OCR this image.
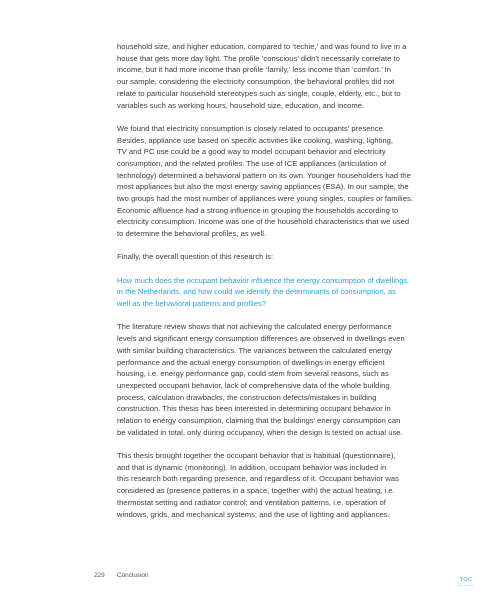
household size, and higher education, compared to ‘techie,’ and was found to live in a
house that gets more day light. The profile ‘conscious’ didn’t necessarily correlate to
income, but it had more income than profile ‘family,’ less income than ‘comfort.’ In
our sample, considering the electricity consumption, the behavioral profiles did not
relate to particular household stereotypes such as single, couple, elderly, etc., but to
variables such as working hours, household size, education, and income.

We found that electricity consumption is closely related to occupants’ presence.
Besides, appliance use based on specific activities like cooking, washing, lighting,
TV and PC use could be a good way to model occupant behavior and electricity
consumption, and the related profiles. The use of ICE appliances (articulation of
technology) determined a behavioral pattern on its own. Younger householders had the
most appliances but also the most energy saving appliances (ESA). In our sample, the
two groups had the most number of appliances were young singles, couples or families.
Economic affluence had a strong influence in grouping the households according to
electricity consumption. Income was one of the household characteristics that we used
to determine the behavioral profiles, as well.

Finally, the overall question of this research is:

How much does the occupant behavior influence the energy consumption of dwellings
in the Netherlands, and how could we identify the determinants of consumption, as
well as the behavioral patterns and profiles?

The literature review shows that not achieving the calculated energy performance
levels and significant energy consumption differences are observed in dwellings even
with similar building characteristics. The variances between the calculated energy
performance and the actual energy consumption of dwellings in energy efficient
housing, i.e. energy performance gap, could stem from several reasons, such as
unexpected occupant behavior, lack of comprehensive data of the whole building
process, calculation drawbacks, the construction defects/mistakes in building
construction. This thesis has been interested in determining occupant behavior in
relation to energy consumption, claiming that the buildings’ energy consumption can
be validated in total, only during occupancy, when the design is tested on actual use.

This thesis brought together the occupant behavior that is habitual (questionnaire),
and that is dynamic (monitoring). In addition, occupant behavior was included in
this research both regarding presence, and regardless of it. Occupant behavior was
considered as (presence patterns in a space, together with) the actual heating, i.e.
thermostat setting and radiator control; and ventilation patterns, i.e. operation of
windows, grids, and mechanical systems; and the use of lighting and appliances.

229 Conclusion
TOC
